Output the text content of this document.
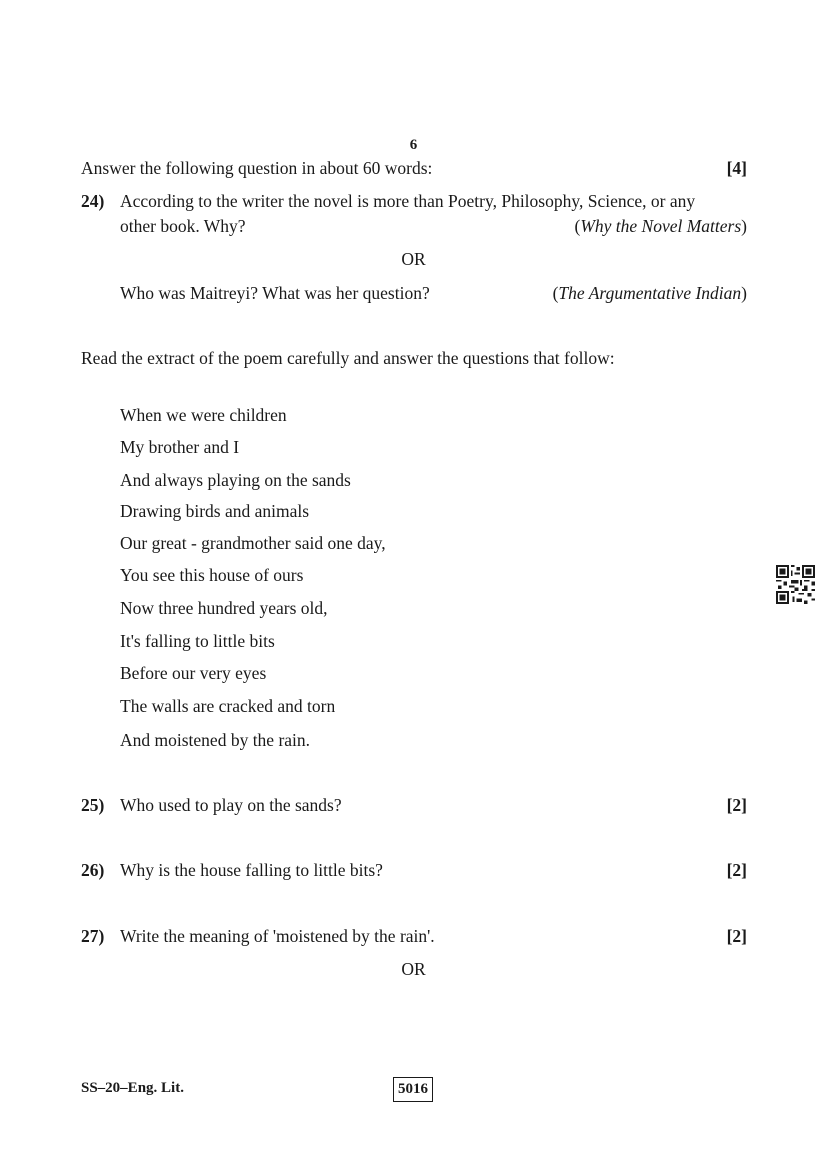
6
Answer the following question in about 60 words:	[4]
24) According to the writer the novel is more than Poetry, Philosophy, Science, or any
other book. Why?	(Why the Novel Matters)
OR
Who was Maitreyi? What was her question?	(The Argumentative Indian)
Read the extract of the poem carefully and answer the questions that follow:
When we were children
My brother and I
And always playing on the sands
Drawing birds and animals
Our great - grandmother said one day,
You see this house of ours
Now three hundred years old,
It's falling to little bits
Before our very eyes
The walls are cracked and torn
And moistened by the rain.
25) Who used to play on the sands?	[2]
26) Why is the house falling to little bits?	[2]
27) Write the meaning of 'moistened by the rain'.	[2]
OR
SS–20–Eng. Lit.	5016
